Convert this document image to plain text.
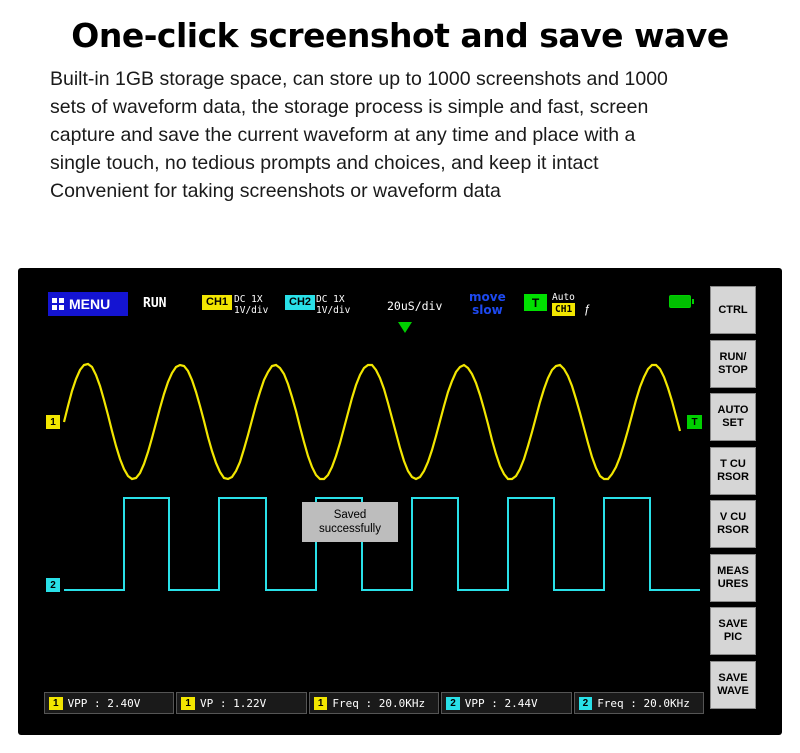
One-click screenshot and save wave

Built-in 1GB storage space, can store up to 1000 screenshots and 1000

sets of waveform data, the storage process is simple and fast, screen

capture and save the current waveform at any time and place with a

single touch, no tedious prompts and choices, and keep it intact

Convenient for taking screenshots or waveform data

MENU	RUN	CH1 DC 1X
1V/div
CH2 DC 1X
1V/div	20uS/div
move
slow
T	Auto
CH1 ƒ
1
2
T
Saved
successfully
1 VPP : 2.40V	1 VP : 1.22V	1 Freq : 20.0KHz	2 VPP : 2.44V	2 Freq : 20.0KHz
CTRL
RUN/
STOP
AUTO
SET
T CU
RSOR
V CU
RSOR
MEAS
URES
SAVE
PIC
SAVE
WAVE
